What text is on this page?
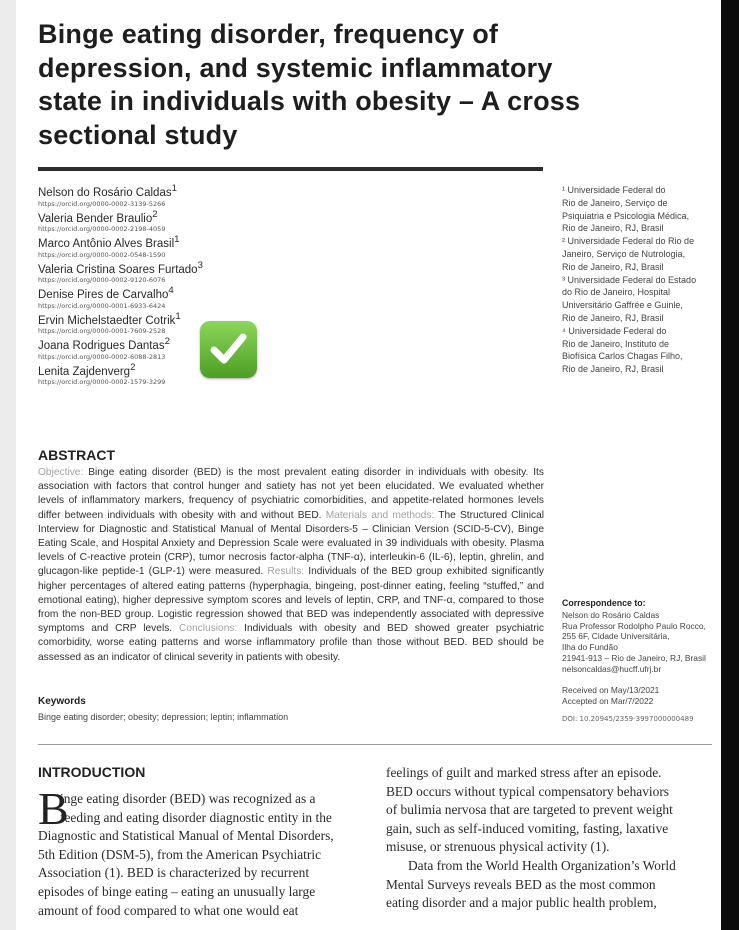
Binge eating disorder, frequency of depression, and systemic inflammatory state in individuals with obesity – A cross sectional study
Nelson do Rosário Caldas$^1$
https://orcid.org/0000-0002-3139-5266
Valeria Bender Braulio$^2$
https://orcid.org/0000-0002-2198-4059
Marco Antônio Alves Brasil$^1$
https://orcid.org/0000-0002-0548-1590
Valeria Cristina Soares Furtado$^3$
https://orcid.org/0000-0002-9120-6076
Denise Pires de Carvalho$^4$
https://orcid.org/0000-0001-6933-6424
Ervin Michelstaedter Cotrik$^1$
https://orcid.org/0000-0001-7609-2528
Joana Rodrigues Dantas$^2$
https://orcid.org/0000-0002-6088-2813
Lenita Zajdenverg$^2$
https://orcid.org/0000-0002-1579-3299
¹ Universidade Federal do
Rio de Janeiro, Serviço de
Psiquiatria e Psicologia Médica,
Rio de Janeiro, RJ, Brasil
² Universidade Federal do Rio de
Janeiro, Serviço de Nutrologia,
Rio de Janeiro, RJ, Brasil
³ Universidade Federal do Estado
do Rio de Janeiro, Hospital
Universitário Gaffrée e Guinle,
Rio de Janeiro, RJ, Brasil
⁴ Universidade Federal do
Rio de Janeiro, Instituto de
Biofísica Carlos Chagas Filho,
Rio de Janeiro, RJ, Brasil
ABSTRACT

Objective: Binge eating disorder (BED) is the most prevalent eating disorder in individuals with obesity. Its association with factors that control hunger and satiety has not yet been elucidated. We evaluated whether levels of inflammatory markers, frequency of psychiatric comorbidities, and appetite-related hormones levels differ between individuals with obesity with and without BED. Materials and methods: The Structured Clinical Interview for Diagnostic and Statistical Manual of Mental Disorders-5 – Clinician Version (SCID-5-CV), Binge Eating Scale, and Hospital Anxiety and Depression Scale were evaluated in 39 individuals with obesity. Plasma levels of C-reactive protein (CRP), tumor necrosis factor-alpha (TNF-α), interleukin-6 (IL-6), leptin, ghrelin, and glucagon-like peptide-1 (GLP-1) were measured. Results: Individuals of the BED group exhibited significantly higher percentages of altered eating patterns (hyperphagia, bingeing, post-dinner eating, feeling “stuffed,” and emotional eating), higher depressive symptom scores and levels of leptin, CRP, and TNF-α, compared to those from the non-BED group. Logistic regression showed that BED was independently associated with depressive symptoms and CRP levels. Conclusions: Individuals with obesity and BED showed greater psychiatric comorbidity, worse eating patterns and worse inflammatory profile than those without BED. BED should be assessed as an indicator of clinical severity in patients with obesity.

Keywords
Binge eating disorder; obesity; depression; leptin; inflammation
Correspondence to:
Nelson do Rosário Caldas
Rua Professor Rodolpho Paulo Rocco,
255 6F, Cidade Universitária,
Ilha do Fundão
21941-913 – Rio de Janeiro, RJ, Brasil
nelsoncaldas@hucff.ufrj.br
Received on May/13/2021
Accepted on Mar/7/2022
DOI: 10.20945/2359-3997000000489
INTRODUCTION
B
inge eating disorder (BED) was recognized as a
feeding and eating disorder diagnostic entity in the
Diagnostic and Statistical Manual of Mental Disorders,
5th Edition (DSM-5), from the American Psychiatric
Association (1). BED is characterized by recurrent
episodes of binge eating – eating an unusually large
amount of food compared to what one would eat
feelings of guilt and marked stress after an episode.
BED occurs without typical compensatory behaviors
of bulimia nervosa that are targeted to prevent weight
gain, such as self-induced vomiting, fasting, laxative
misuse, or strenuous physical activity (1).
Data from the World Health Organization’s World
Mental Surveys reveals BED as the most common
eating disorder and a major public health problem,
